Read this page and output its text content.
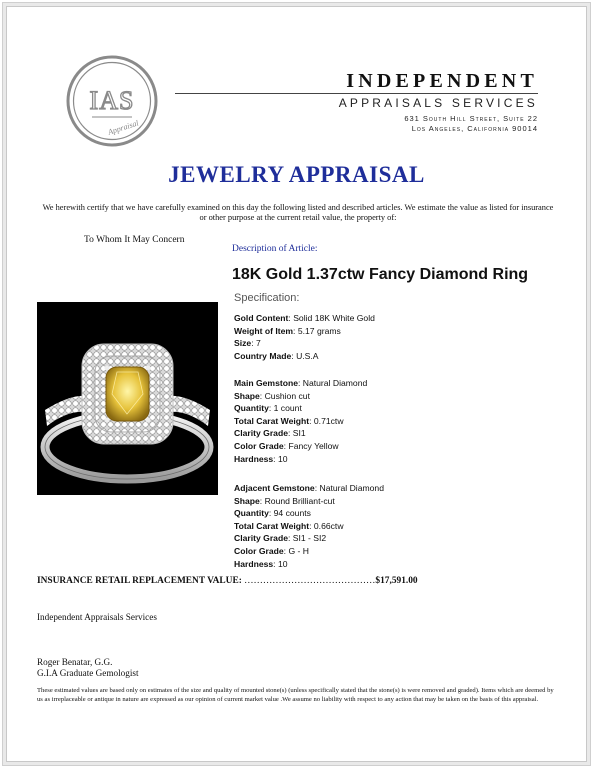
IAS
Appraisal
INDEPENDENT
APPRAISALS SERVICES
631 South Hill Street, Suite 22
Los Angeles, California 90014
JEWELRY APPRAISAL
We herewith certify that we have carefully examined on this day the following listed and described articles. We estimate the value as listed for insurance or other purpose at the current retail value, the property of:
To Whom It May Concern
Description of Article:
18K Gold 1.37ctw Fancy Diamond Ring
Specification:
Gold Content: Solid 18K White Gold
Weight of Item: 5.17 grams
Size: 7
Country Made: U.S.A
Main Gemstone: Natural Diamond
Shape: Cushion cut
Quantity: 1 count
Total Carat Weight: 0.71ctw
Clarity Grade: SI1
Color Grade: Fancy Yellow
Hardness: 10
Adjacent Gemstone: Natural Diamond
Shape: Round Brilliant-cut
Quantity: 94 counts
Total Carat Weight: 0.66ctw
Clarity Grade: SI1 - SI2
Color Grade: G - H
Hardness: 10
INSURANCE RETAIL REPLACEMENT VALUE: ……………………………………$17,591.00
Independent Appraisals Services
Roger Benatar, G.G.
G.I.A Graduate Gemologist
These estimated values are based only on estimates of the size and quality of mounted stone(s) (unless specifically stated that the stone(s) is were removed and graded). Items which are deemed by us as irreplaceable or antique in nature are expressed as our opinion of current market value .We assume no liability with respect to any action that may be taken on the basis of this appraisal.
